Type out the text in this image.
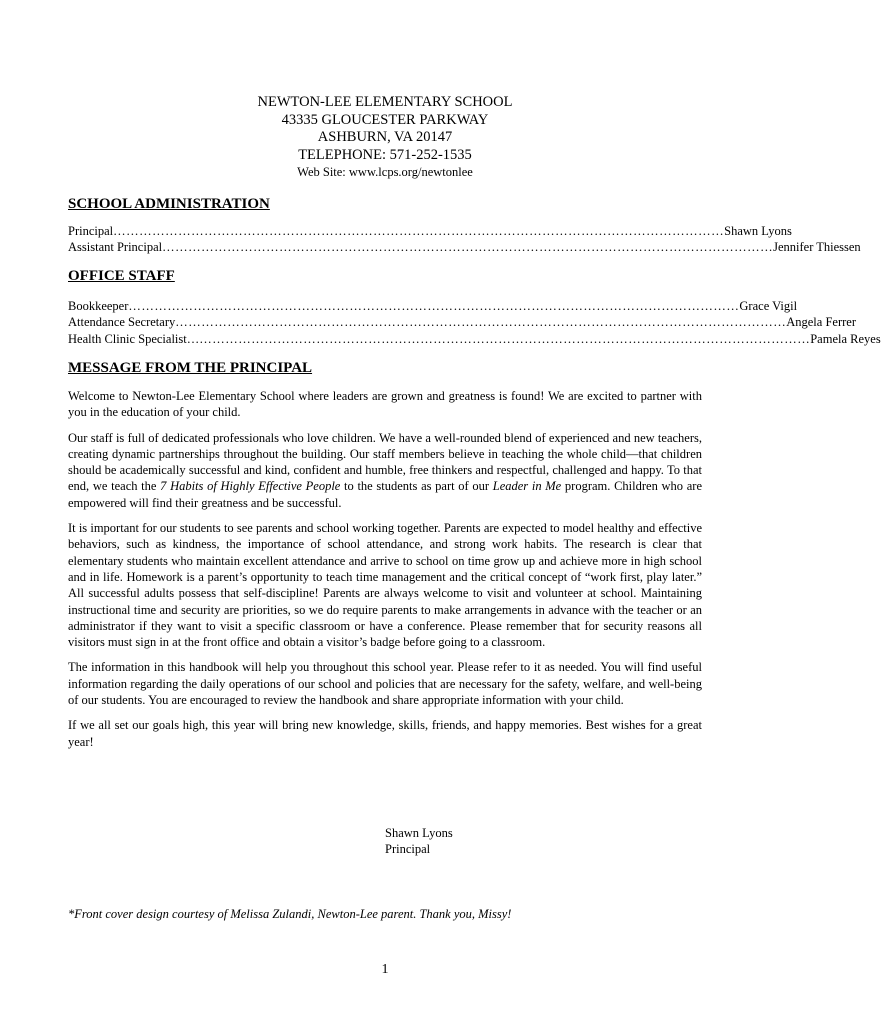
NEWTON-LEE ELEMENTARY SCHOOL
43335 GLOUCESTER PARKWAY
ASHBURN, VA 20147
TELEPHONE: 571-252-1535
Web Site: www.lcps.org/newtonlee
SCHOOL ADMINISTRATION
Principal …………………………………………………………………………………………………………………………… Shawn Lyons
Assistant Principal …………………………………………………………………………………………………………………………… Jennifer Thiessen
OFFICE STAFF
Bookkeeper …………………………………………………………………………………………………………………………… Grace Vigil
Attendance Secretary …………………………………………………………………………………………………………………………… Angela Ferrer
Health Clinic Specialist… …………………………………………………………………………………………………………………………… Pamela Reyes
MESSAGE FROM THE PRINCIPAL

Welcome to Newton-Lee Elementary School where leaders are grown and greatness is found! We are excited to partner with you in the education of your child.

Our staff is full of dedicated professionals who love children. We have a well-rounded blend of experienced and new teachers, creating dynamic partnerships throughout the building. Our staff members believe in teaching the whole child—that children should be academically successful and kind, confident and humble, free thinkers and respectful, challenged and happy. To that end, we teach the 7 Habits of Highly Effective People to the students as part of our Leader in Me program. Children who are empowered will find their greatness and be successful.

It is important for our students to see parents and school working together. Parents are expected to model healthy and effective behaviors, such as kindness, the importance of school attendance, and strong work habits. The research is clear that elementary students who maintain excellent attendance and arrive to school on time grow up and achieve more in high school and in life. Homework is a parent’s opportunity to teach time management and the critical concept of “work first, play later.” All successful adults possess that self-discipline! Parents are always welcome to visit and volunteer at school. Maintaining instructional time and security are priorities, so we do require parents to make arrangements in advance with the teacher or an administrator if they want to visit a specific classroom or have a conference. Please remember that for security reasons all visitors must sign in at the front office and obtain a visitor’s badge before going to a classroom.

The information in this handbook will help you throughout this school year. Please refer to it as needed. You will find useful information regarding the daily operations of our school and policies that are necessary for the safety, welfare, and well-being of our students. You are encouraged to review the handbook and share appropriate information with your child.

If we all set our goals high, this year will bring new knowledge, skills, friends, and happy memories. Best wishes for a great year!

Shawn Lyons
Principal
*Front cover design courtesy of Melissa Zulandi, Newton-Lee parent. Thank you, Missy!
1
